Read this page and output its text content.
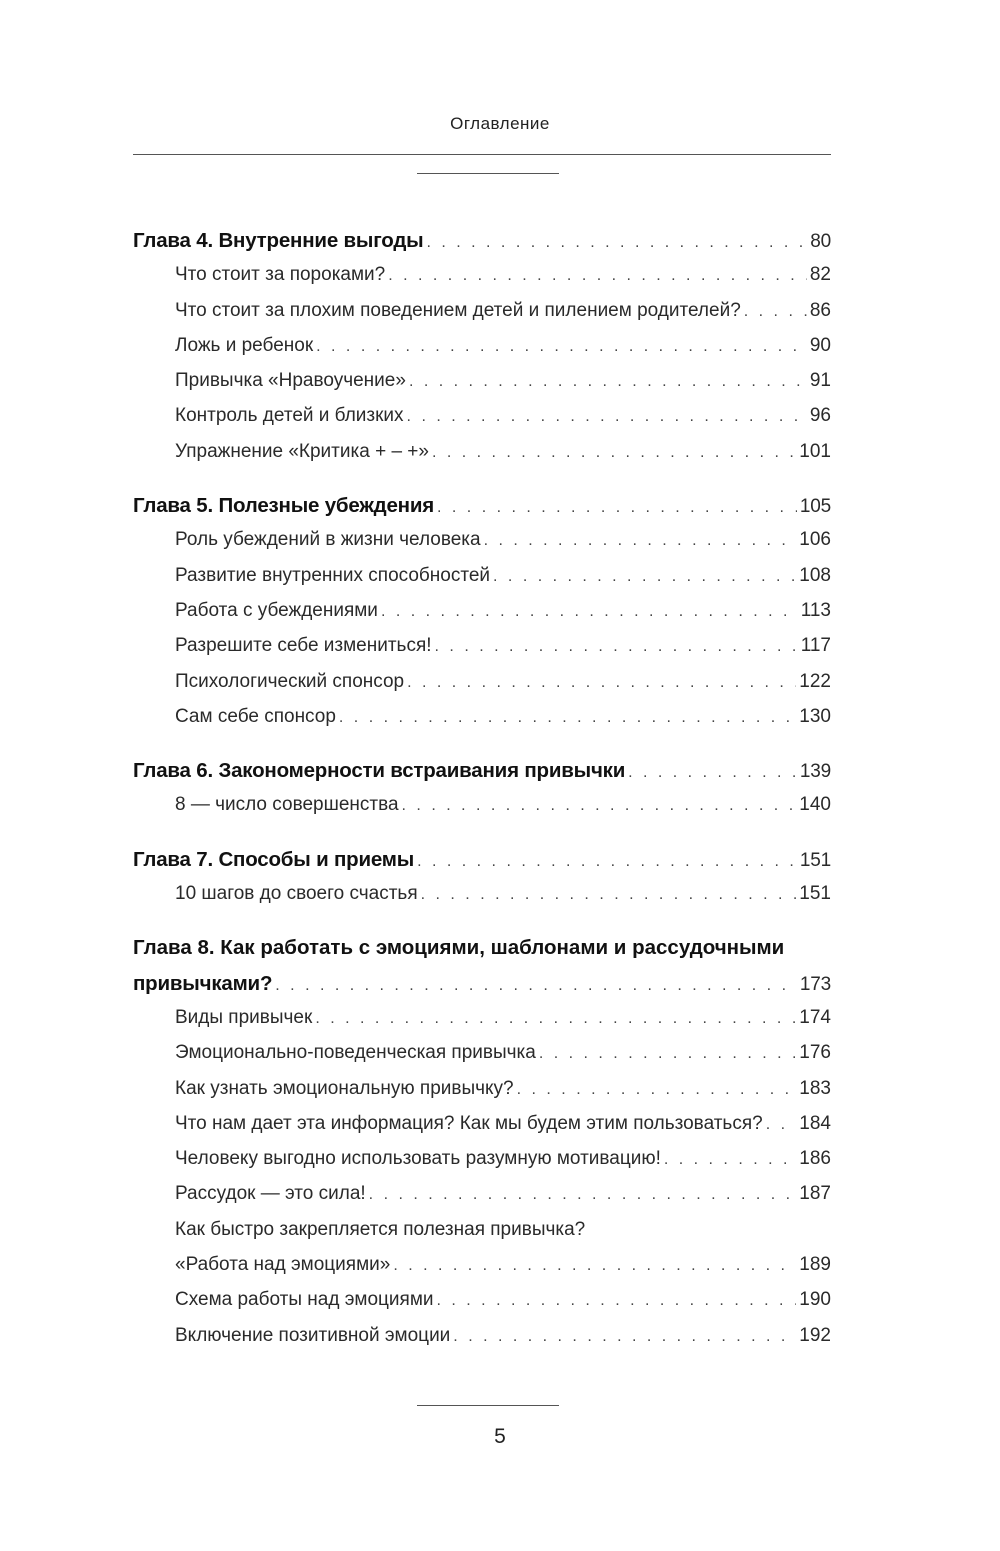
Оглавление
Глава 4. Внутренние выгоды . . .	80
Что стоит за пороками? . . .	82
Что стоит за плохим поведением детей и пилением родителей? . . .	86
Ложь и ребенок . . .	90
Привычка «Нравоучение» . . .	91
Контроль детей и близких . . .	96
Упражнение «Критика + – +» . . .	101
Глава 5. Полезные убеждения . . .	105
Роль убеждений в жизни человека . . .	106
Развитие внутренних способностей . . .	108
Работа с убеждениями . . .	113
Разрешите себе измениться! . . .	117
Психологический спонсор . . .	122
Сам себе спонсор . . .	130
Глава 6. Закономерности встраивания привычки . . .	139
8 — число совершенства . . .	140
Глава 7. Способы и приемы . . .	151
10 шагов до своего счастья . . .	151
Глава 8. Как работать с эмоциями, шаблонами и рассудочными
привычками? . . .	173
Виды привычек . . .	174
Эмоционально-поведенческая привычка . . .	176
Как узнать эмоциональную привычку? . . .	183
Что нам дает эта информация? Как мы будем этим пользоваться? . . . 184
Человеку выгодно использовать разумную мотивацию! . . .	186
Рассудок — это сила! . . .	187
Как быстро закрепляется полезная привычка?
«Работа над эмоциями» . . .	189
Схема работы над эмоциями . . .	190
Включение позитивной эмоции . . .	192
5
